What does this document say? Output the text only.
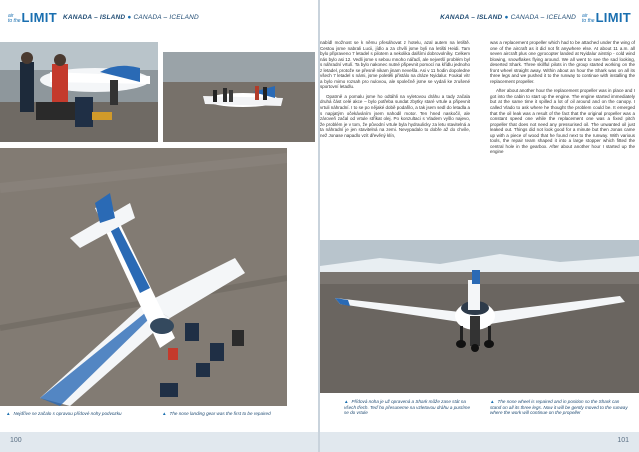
air
to the LIMIT KANADA – ISLAND ● CANADA – ICELAND
▲ Nejdříve se začalo s opravou přídové nohy podvozku	▲ The nose landing gear was the first to be repaired
100
KANADA – ISLAND ● CANADA – ICELAND air
to the LIMIT

nabídl možnost se k němu přesáhovat z hotelu, azal autem na letiště. Cestou jsme nabrali Lucii, jídlo a za chvíli jsme byli na letišti Heidi. Tam bylo připraveno 7 letadel s pilotem a nekolika dalšími dobrovolníky. Celkem nás bylo asi 12. Vedli jsme s sebou mnoho nářadí, ale nejvetší problém byl s náhradní vrtulí. Ta bylo nakonec nutné připevnit pomocí na křídlu jednoho z letadel, protože se přesně nikam jinam nevešla. Asi v 11 hodin dopoledne všech 7 letadel s námi, jsme poletěli přistálo na dráze Nyidalur. Foukal vítr a bylo mimo rozsah pro nulovou, ale společně jsme se vydali ke zrušené sportovní letadlu.

Opatrně a pomalu jsme ho odtáhli na vyletovou dráhu a tady začala druhá část celé akce – bylo potřeba sundat zbytky staré vrtule a připevnit vrtuli náhradní. I to se po nějaké době podařilo, a tak jsem sedl do letadla a s napjatým očekáváním jsem nahodil motor. Ten hned naskočil, ale zároveň začal od vrtule stříkat olej. Po konzultaci s Vladem vyšlo najevo, že problém je v tom, že původní vrtule byla hydraulicky za letu stavitelná a ta náhradní je jen stavitelná na zemi. Nevypadalo to dobře až do chvíle, než Jonase napadlo vzít dřevěný klín,

was a replacement propeller which had to be attached under the wing of one of the aircraft as it did not fit anywhere else. At about 11 a.m. all seven aircraft plus one gyrocopter landed at Nyidalur airstrip - cold wind blowing, snowflakes flying around. We all went to see the sad looking, deserted Shark. Three skillful pilots in the group started working on the front wheel straight away. Within about an hour the Shark was on all its three legs and we pushed it to the runway to continue with installing the replacement propeller.

After about another hour the replacement propeller was in place and I got into the cabin to start up the engine. The engine started immediately but at the same time it spilled a lot of oil around and on the canopy. I called Vlado to ask where he thought the problem could be. It emerged that the oil leak was a result of the fact that the original propeller was a constant speed one while the replacement one was a fixed pitch propeller that does not need any pressurised oil. The unwanted oil just leaked out. Things did not look good for a minute but then Jonas came up with a piece of wood that he found next to the runway. With various tools, the repair team shaped it into a large stopper which fitted the central hole in the gearbox. After about another hour I started up the engine

▲ Přídová noha je už opravená a Shark může zase stát na všech třech. Teď ho přesuneme na vzletovou dráhu a pustíme se do vrtule
▲ The nose wheel is repaired and in position so the Shark can stand on all its three legs. Now it will be gently moved to the runway where the work will continue on the propeller
101
